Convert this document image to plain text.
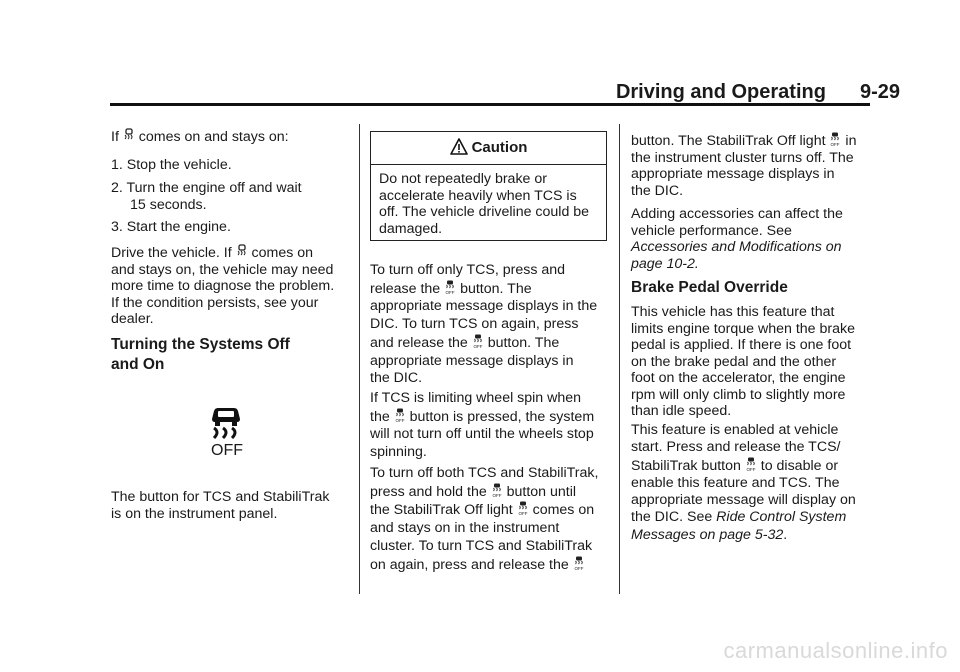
Driving and Operating 9-29

If
comes on and stays on:

1. Stop the vehicle.

2. Turn the engine off and wait
15 seconds.

3. Start the engine.

Drive the vehicle. If
comes on
and stays on, the vehicle may need
more time to diagnose the problem.
If the condition persists, see your
dealer.

Turning the Systems Off
and On

The button for TCS and StabiliTrak
is on the instrument panel.

OFF
Caution
Do not repeatedly brake or
accelerate heavily when TCS is
off. The vehicle driveline could be
damaged.

To turn off only TCS, press and
release the OFF button. The
appropriate message displays in the
DIC. To turn TCS on again, press
and release the OFF button. The
appropriate message displays in
the DIC.

If TCS is limiting wheel spin when
the OFF button is pressed, the system
will not turn off until the wheels stop
spinning.

To turn off both TCS and StabiliTrak,
press and hold the OFF button until
the StabiliTrak Off light OFF comes on
and stays on in the instrument
cluster. To turn TCS and StabiliTrak
on again, press and release the OFF

button. The StabiliTrak Off light OFF in
the instrument cluster turns off. The
appropriate message displays in
the DIC.

Adding accessories can affect the
vehicle performance. See
Accessories and Modifications on
page 10-2.

Brake Pedal Override

This vehicle has this feature that
limits engine torque when the brake
pedal is applied. If there is one foot
on the brake pedal and the other
foot on the accelerator, the engine
rpm will only climb to slightly more
than idle speed.

This feature is enabled at vehicle
start. Press and release the TCS/
StabiliTrak button OFF to disable or
enable this feature and TCS. The
appropriate message will display on
the DIC. See Ride Control System
Messages on page 5-32.

carmanualsonline.info
